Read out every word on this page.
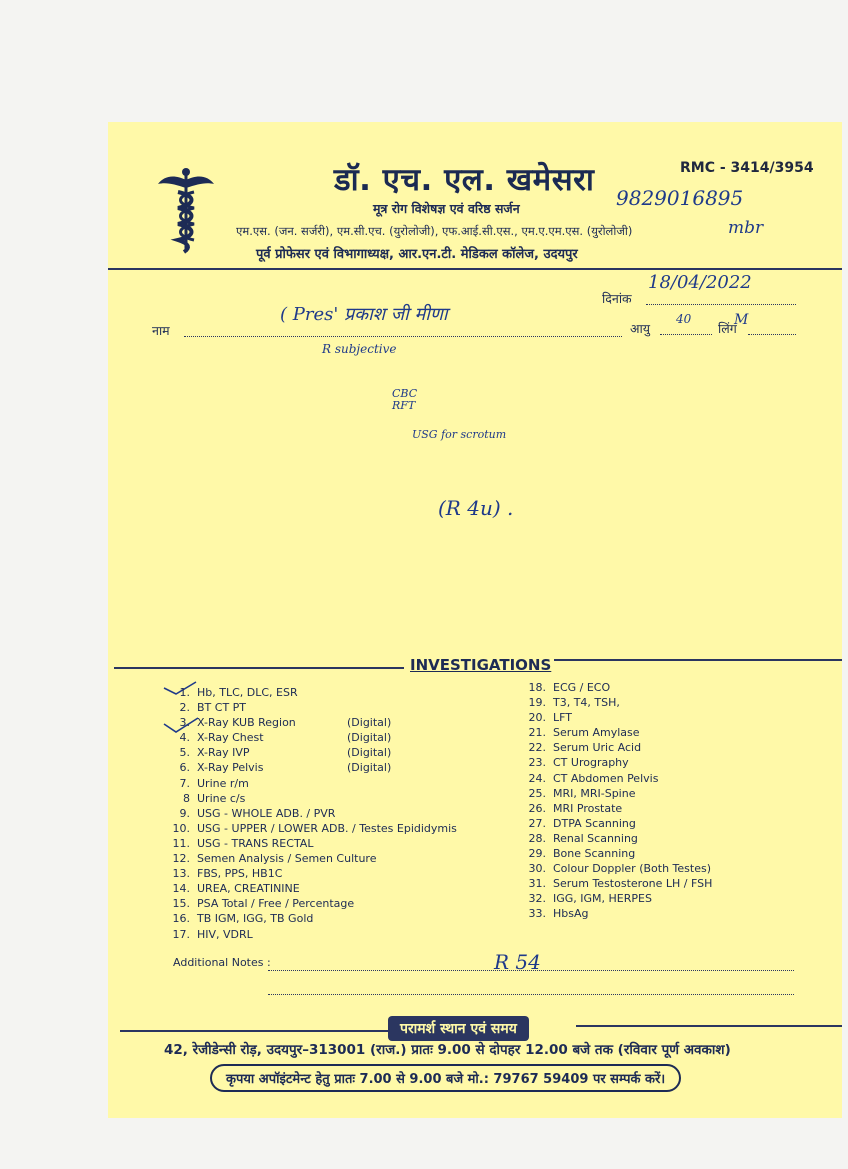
डॉ. एच. एल. खमेसरा	RMC - 3414/3954
मूत्र रोग विशेषज्ञ एवं वरिष्ठ सर्जन
एम.एस. (जन. सर्जरी), एम.सी.एच. (युरोलोजी), एफ.आई.सी.एस., एम.ए.एम.एस. (युरोलोजी)
पूर्व प्रोफेसर एवं विभागाध्यक्ष, आर.एन.टी. मेडिकल कॉलेज, उदयपुर
9829016895
mbr
दिनांक
18/04/2022
नाम
( Pres' प्रकाश जी मीणा
आयु
40
लिंग
M
R subjective
CBC
RFT
USG for scrotum
(R 4u) .
INVESTIGATIONS
1. Hb, TLC, DLC, ESR
2. BT CT PT
3. X-Ray KUB Region	(Digital)
4. X-Ray Chest	(Digital)
5. X-Ray IVP	(Digital)
6. X-Ray Pelvis	(Digital)
7. Urine r/m
8 Urine c/s
9. USG - WHOLE ADB. / PVR
10. USG - UPPER / LOWER ADB. / Testes Epididymis
11. USG - TRANS RECTAL
12. Semen Analysis / Semen Culture
13. FBS, PPS, HB1C
14. UREA, CREATININE
15. PSA Total / Free / Percentage
16. TB IGM, IGG, TB Gold
17. HIV, VDRL
18. ECG / ECO
19. T3, T4, TSH,
20. LFT
21. Serum Amylase
22. Serum Uric Acid
23. CT Urography
24. CT Abdomen Pelvis
25. MRI, MRI-Spine
26. MRI Prostate
27. DTPA Scanning
28. Renal Scanning
29. Bone Scanning
30. Colour Doppler (Both Testes)
31. Serum Testosterone LH / FSH
32. IGG, IGM, HERPES
33. HbsAg
Additional Notes :	R 54
परामर्श स्थान एवं समय
42, रेजीडेन्सी रोड़, उदयपुर–313001 (राज.) प्रातः 9.00 से दोपहर 12.00 बजे तक (रविवार पूर्ण अवकाश)
कृपया अपॉइंटमेन्ट हेतु प्रातः 7.00 से 9.00 बजे मो.: 79767 59409 पर सम्पर्क करें।
